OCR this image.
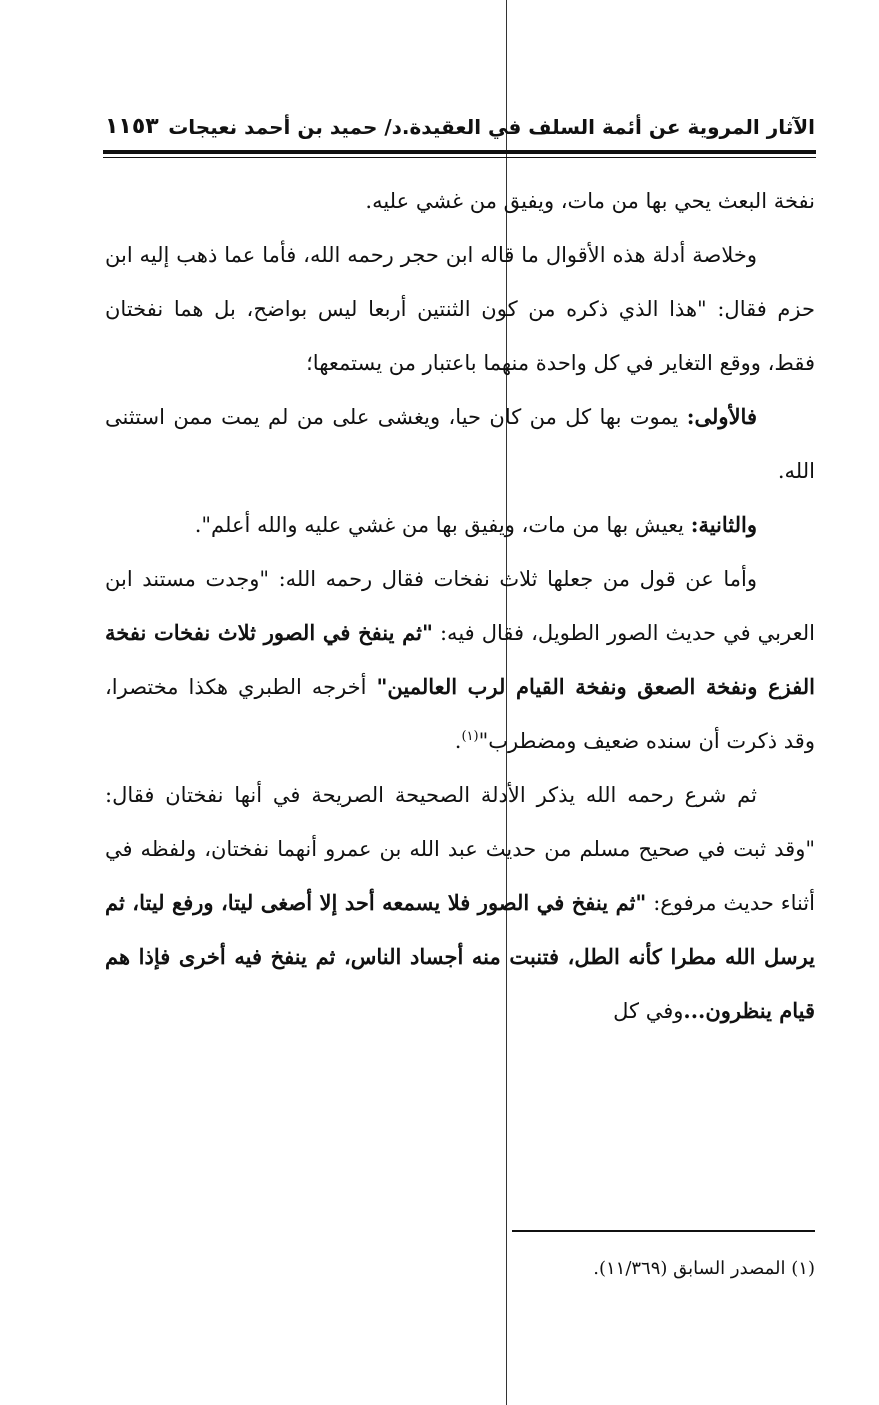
الآثار المروية عن أئمة السلف في العقيدة.د/ حميد بن أحمد نعيجات
١١٥٣

نفخة البعث يحي بها من مات، ويفيق من غشي عليه.

وخلاصة أدلة هذه الأقوال ما قاله ابن حجر رحمه الله، فأما عما ذهب إليه ابن حزم فقال: "هذا الذي ذكره من كون الثنتين أربعا ليس بواضح، بل هما نفختان فقط، ووقع التغاير في كل واحدة منهما باعتبار من يستمعها؛

فالأولى: يموت بها كل من كان حيا، ويغشى على من لم يمت ممن استثنى الله.

والثانية: يعيش بها من مات، ويفيق بها من غشي عليه والله أعلم".

وأما عن قول من جعلها ثلاث نفخات فقال رحمه الله: "وجدت مستند ابن العربي في حديث الصور الطويل، فقال فيه: "ثم ينفخ في الصور ثلاث نفخات نفخة الفزع ونفخة الصعق ونفخة القيام لرب العالمين" أخرجه الطبري هكذا مختصرا، وقد ذكرت أن سنده ضعيف ومضطرب"$^{(١)}$.

ثم شرع رحمه الله يذكر الأدلة الصحيحة الصريحة في أنها نفختان فقال: "وقد ثبت في صحيح مسلم من حديث عبد الله بن عمرو أنهما نفختان، ولفظه في أثناء حديث مرفوع: "ثم ينفخ في الصور فلا يسمعه أحد إلا أصغى ليتا، ورفع ليتا، ثم يرسل الله مطرا كأنه الطل، فتنبت منه أجساد الناس، ثم ينفخ فيه أخرى فإذا هم قيام ينظرون...وفي كل

(١) المصدر السابق (١١/٣٦٩).
